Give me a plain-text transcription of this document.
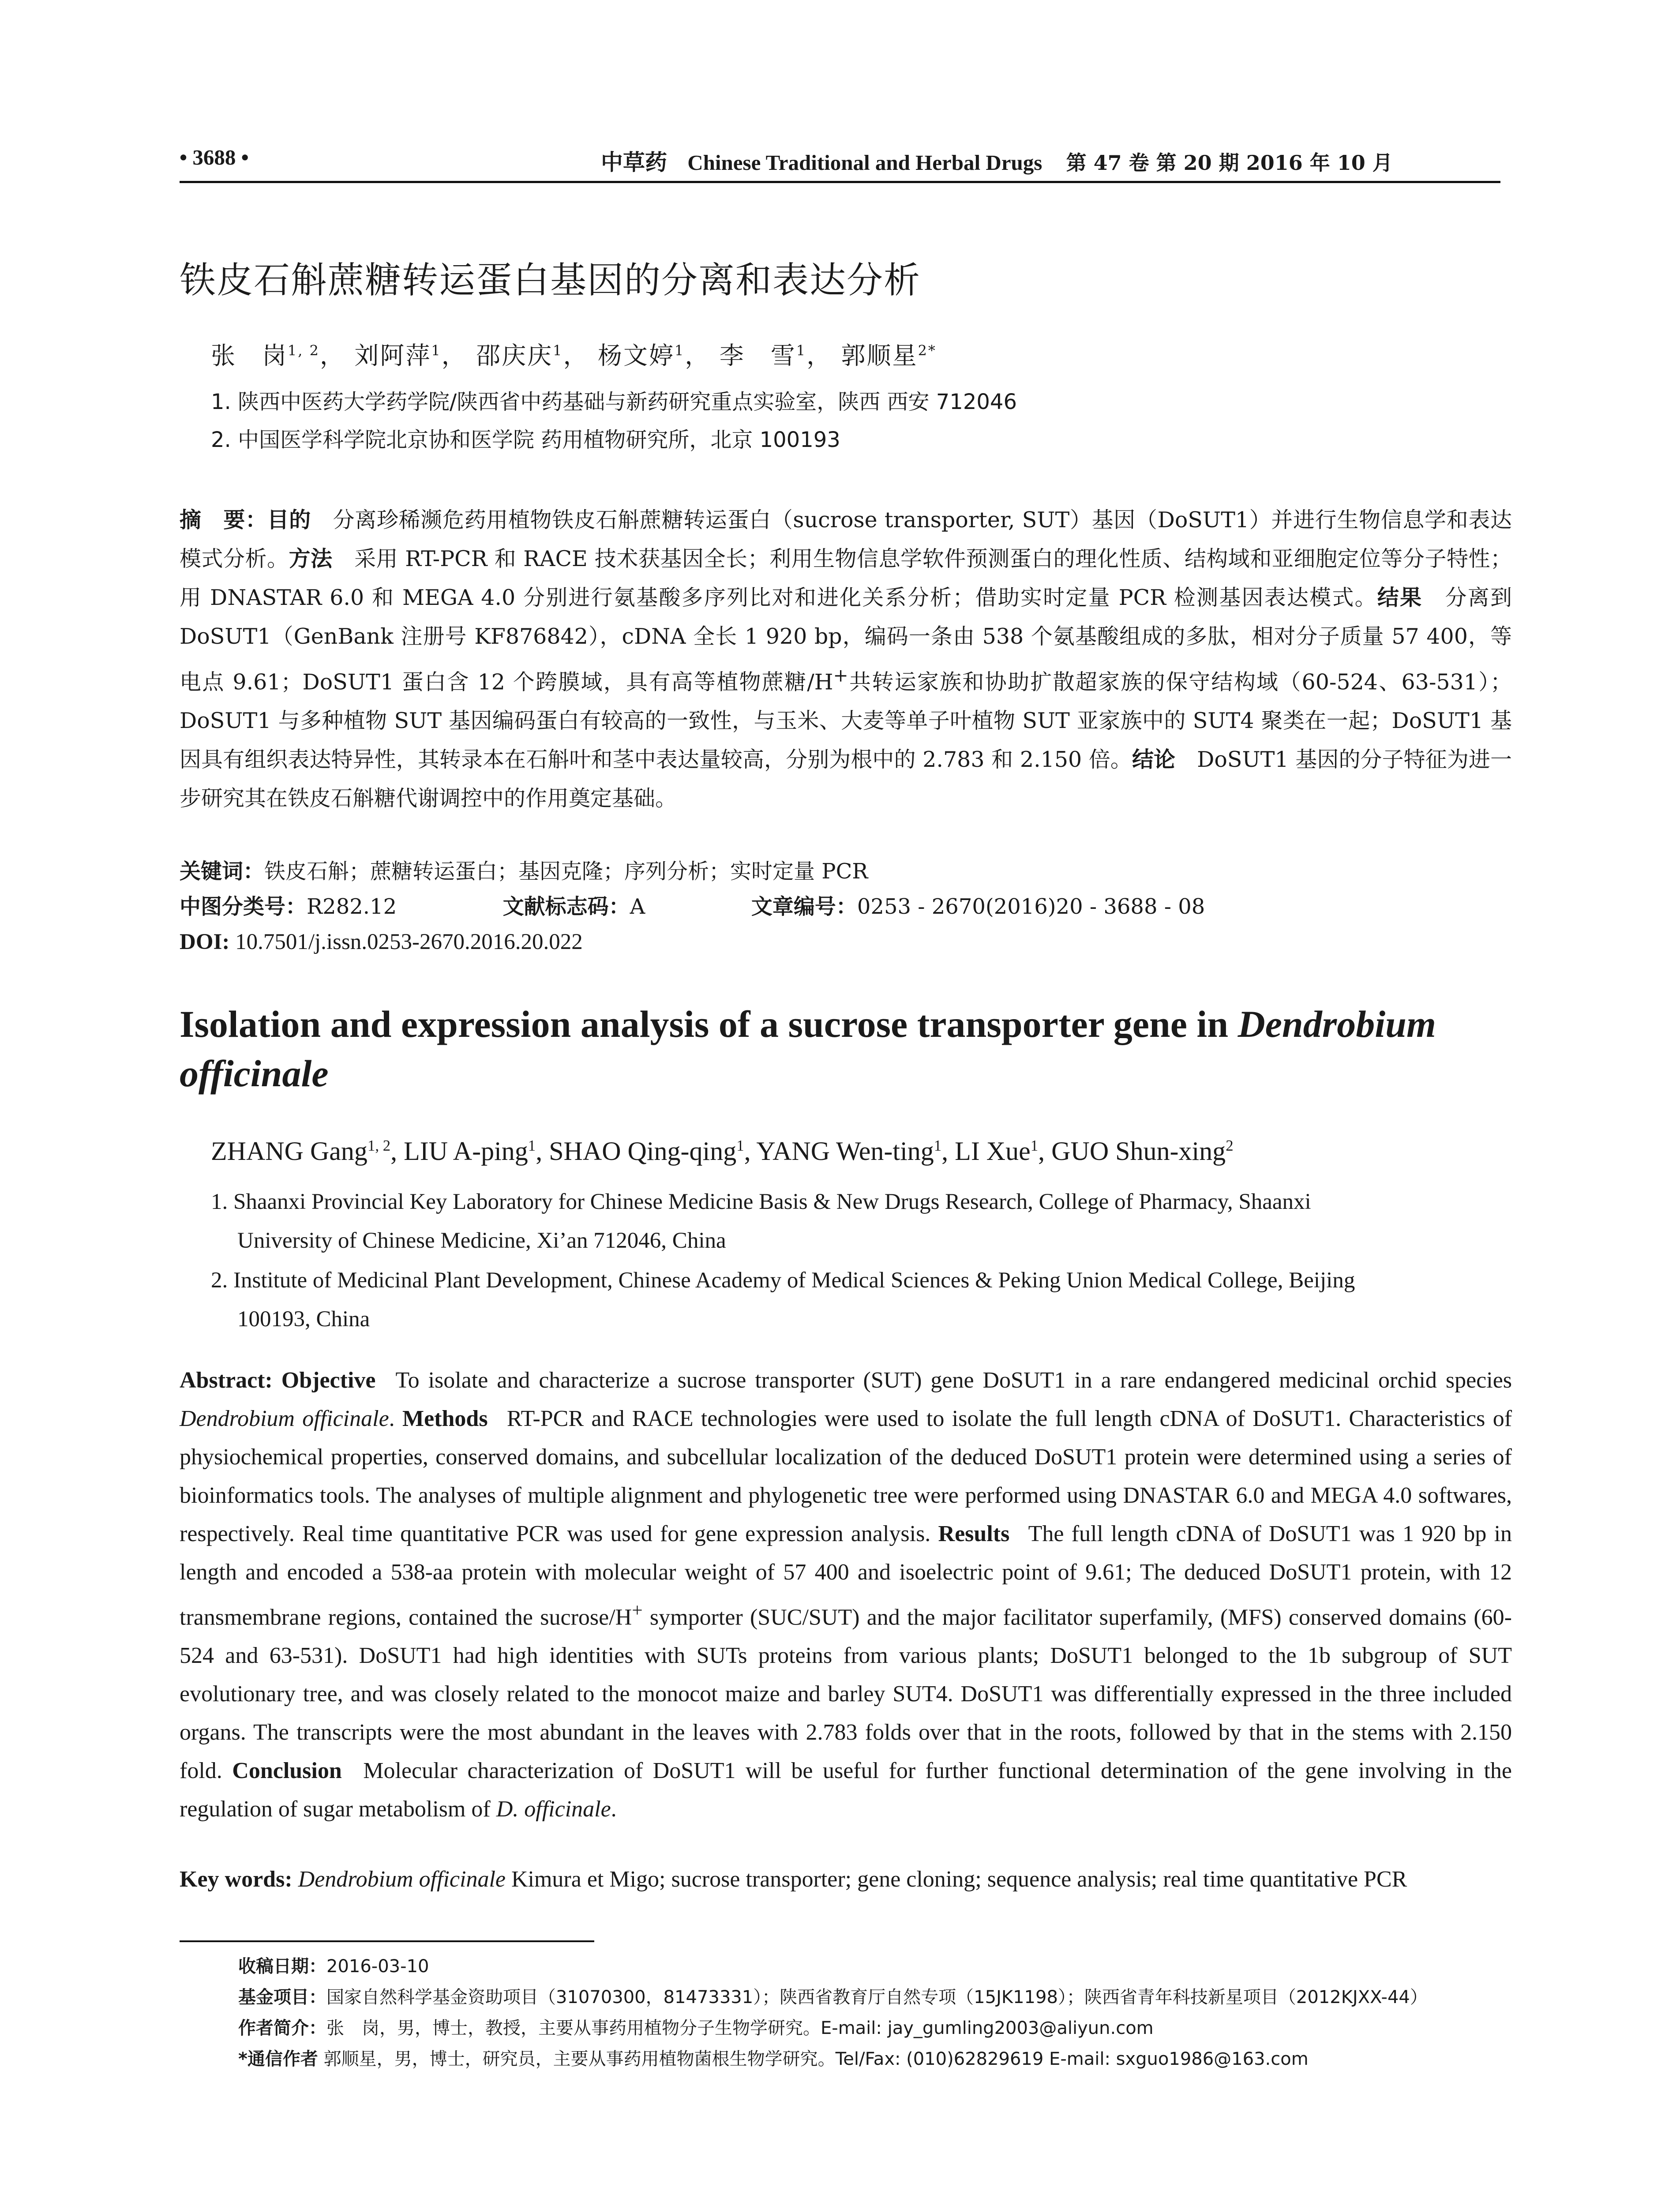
• 3688 •	中草药 Chinese Traditional and Herbal Drugs 第 47 卷 第 20 期 2016 年 10 月
铁皮石斛蔗糖转运蛋白基因的分离和表达分析
张　岗$^{1, 2}$， 刘阿萍$^1$， 邵庆庆$^1$， 杨文婷$^1$， 李　雪$^1$， 郭顺星$^{2*}$
1. 陕西中医药大学药学院/陕西省中药基础与新药研究重点实验室，陕西 西安 712046
2. 中国医学科学院北京协和医学院 药用植物研究所，北京 100193
摘　要：目的  分离珍稀濒危药用植物铁皮石斛蔗糖转运蛋白（sucrose transporter, SUT）基因（DoSUT1）并进行生物信息学和表达模式分析。方法  采用 RT-PCR 和 RACE 技术获基因全长；利用生物信息学软件预测蛋白的理化性质、结构域和亚细胞定位等分子特性；用 DNASTAR 6.0 和 MEGA 4.0 分别进行氨基酸多序列比对和进化关系分析；借助实时定量 PCR 检测基因表达模式。结果  分离到 DoSUT1（GenBank 注册号 KF876842），cDNA 全长 1 920 bp，编码一条由 538 个氨基酸组成的多肽，相对分子质量 57 400，等电点 9.61；DoSUT1 蛋白含 12 个跨膜域，具有高等植物蔗糖/H+共转运家族和协助扩散超家族的保守结构域（60-524、63-531）；DoSUT1 与多种植物 SUT 基因编码蛋白有较高的一致性，与玉米、大麦等单子叶植物 SUT 亚家族中的 SUT4 聚类在一起；DoSUT1 基因具有组织表达特异性，其转录本在石斛叶和茎中表达量较高，分别为根中的 2.783 和 2.150 倍。结论  DoSUT1 基因的分子特征为进一步研究其在铁皮石斛糖代谢调控中的作用奠定基础。
关键词：铁皮石斛；蔗糖转运蛋白；基因克隆；序列分析；实时定量 PCR
中图分类号：R282.12	文献标志码：A	文章编号：0253 - 2670(2016)20 - 3688 - 08
DOI: 10.7501/j.issn.0253-2670.2016.20.022
Isolation and expression analysis of a sucrose transporter gene in Dendrobium officinale
ZHANG Gang$^{1, 2}$, LIU A-ping$^1$, SHAO Qing-qing$^1$, YANG Wen-ting$^1$, LI Xue$^1$, GUO Shun-xing$^2$
1. Shaanxi Provincial Key Laboratory for Chinese Medicine Basis & New Drugs Research, College of Pharmacy, Shaanxi
University of Chinese Medicine, Xi’an 712046, China
2. Institute of Medicinal Plant Development, Chinese Academy of Medical Sciences & Peking Union Medical College, Beijing
100193, China
Abstract: Objective  To isolate and characterize a sucrose transporter (SUT) gene DoSUT1 in a rare endangered medicinal orchid species Dendrobium officinale. Methods  RT-PCR and RACE technologies were used to isolate the full length cDNA of DoSUT1. Characteristics of physiochemical properties, conserved domains, and subcellular localization of the deduced DoSUT1 protein were determined using a series of bioinformatics tools. The analyses of multiple alignment and phylogenetic tree were performed using DNASTAR 6.0 and MEGA 4.0 softwares, respectively. Real time quantitative PCR was used for gene expression analysis. Results  The full length cDNA of DoSUT1 was 1 920 bp in length and encoded a 538-aa protein with molecular weight of 57 400 and isoelectric point of 9.61; The deduced DoSUT1 protein, with 12 transmembrane regions, contained the sucrose/H+ symporter (SUC/SUT) and the major facilitator superfamily, (MFS) conserved domains (60-524 and 63-531). DoSUT1 had high identities with SUTs proteins from various plants; DoSUT1 belonged to the 1b subgroup of SUT evolutionary tree, and was closely related to the monocot maize and barley SUT4. DoSUT1 was differentially expressed in the three included organs. The transcripts were the most abundant in the leaves with 2.783 folds over that in the roots, followed by that in the stems with 2.150 fold. Conclusion  Molecular characterization of DoSUT1 will be useful for further functional determination of the gene involving in the regulation of sugar metabolism of D. officinale.
Key words: Dendrobium officinale Kimura et Migo; sucrose transporter; gene cloning; sequence analysis; real time quantitative PCR
收稿日期：2016-03-10
基金项目：国家自然科学基金资助项目（31070300，81473331）；陕西省教育厅自然专项（15JK1198）；陕西省青年科技新星项目（2012KJXX-44）
作者简介：张　岗，男，博士，教授，主要从事药用植物分子生物学研究。E-mail: jay_gumling2003@aliyun.com
*通信作者 郭顺星，男，博士，研究员，主要从事药用植物菌根生物学研究。Tel/Fax: (010)62829619 E-mail: sxguo1986@163.com
